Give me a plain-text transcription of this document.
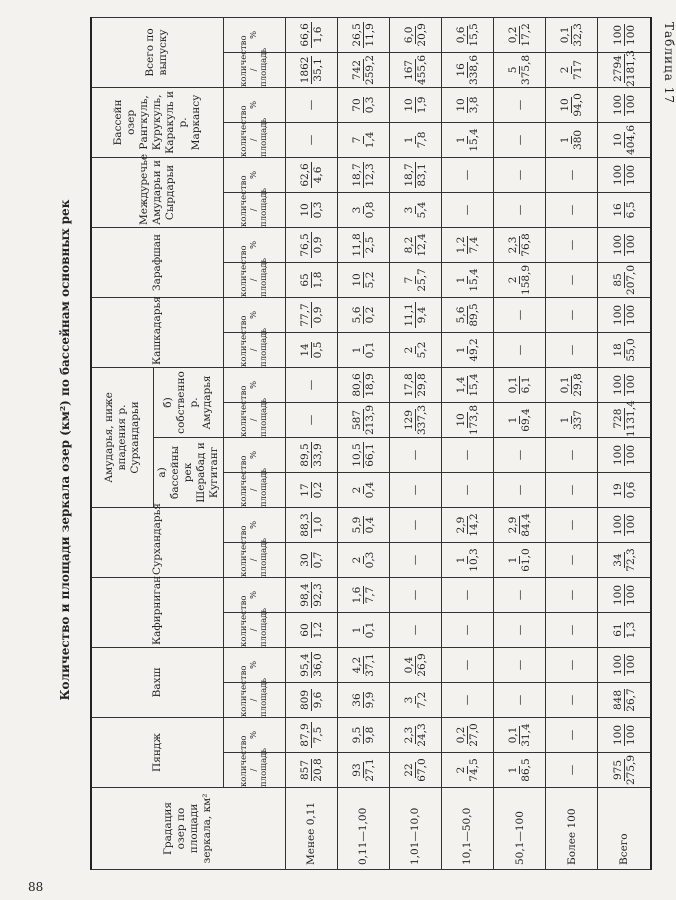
Таблица 17
Количество и площади зеркала озер (км²) по бассейнам основных рек
Градация озер по площади зеркала, км²	Пяндж		Вахш		Кафирниган		Сурхандарья		Амударья, ниже впадения р. Сурхандарьи				Кашкадарья		Зарафшан		Междуречье Амударьи и Сырдарьи		Бассейн озер Рангкуль, Курукуль, Каракуль и р. Маркансу		Всего по выпуску	
									а) бассейны рек Шерабад и Кугитанг		б) собственно р. Амударья											
	количество / площадь	%	количество / площадь	%	количество / площадь	%	количество / площадь	%	количество / площадь	%	количество / площадь	%	количество / площадь	%	количество / площадь	%	количество / площадь	%	количество / площадь	%	количество / площадь	%
Менее 0,11	857 20,8	87,9 7,5	809 9,6	95,4 36,0	60 1,2	98,4 92,3	30 0,7	88,3 1,0	17 0,2	89,5 33,9	—	—	14 0,5	77,7 0,9	65 1,8	76,5 0,9	10 0,3	62,6 4,6	—	—	1862 35,1	66,6 1,6

0,11—1,00	93 27,1	9,5 9,8	36 9,9	4,2 37,1	1 0,1	1,6 7,7	2 0,3	5,9 0,4	2 0,4	10,5 66,1	587 213,9	80,6 18,9	1 0,1	5,6 0,2	10 5,2	11,8 2,5	3 0,8	18,7 12,3	7 1,4	70 0,3	742 259,2	26,5 11,9

1,01—10,0	22 67,0	2,3 24,3	3 7,2	0,4 26,9	—	—	—	—	—	—	129 337,3	17,8 29,8	2 5,2	11,1 9,4	7 25,7	8,2 12,4	3 5,4	18,7 83,1	1 7,8	10 1,9	167 455,6	6,0 20,9

10,1—50,0	2 74,5	0,2 27,0	—	—	—	—	1 10,3	2,9 14,2	—	—	10 173,8	1,4 15,4	1 49,2	5,6 89,5	1 15,4	1,2 7,4	—	—	1 15,4	10 3,8	16 338,6	0,6 15,5

50,1—100	1 86,5	0,1 31,4	—	—	—	—	1 61,0	2,9 84,4	—	—	1 69,4	0,1 6,1	—	—	2 158,9	2,3 76,8	—	—	—	—	5 375,8	0,2 17,2

Более 100	—	—	—	—	—	—	—	—	—	—	1 337	0,1 29,8	—	—	—	—	—	—	1 380	10 94,0	2 717	0,1 32,3

Всего	975 275,9	100 100	848 26,7	100 100	61 1,3	100 100	34 72,3	100 100	19 0,6	100 100	728 1131,4	100 100	18 55,0	100 100	85 207,0	100 100	16 6,5	100 100	10 404,6	100 100	2794 2181,3	100 100
88
